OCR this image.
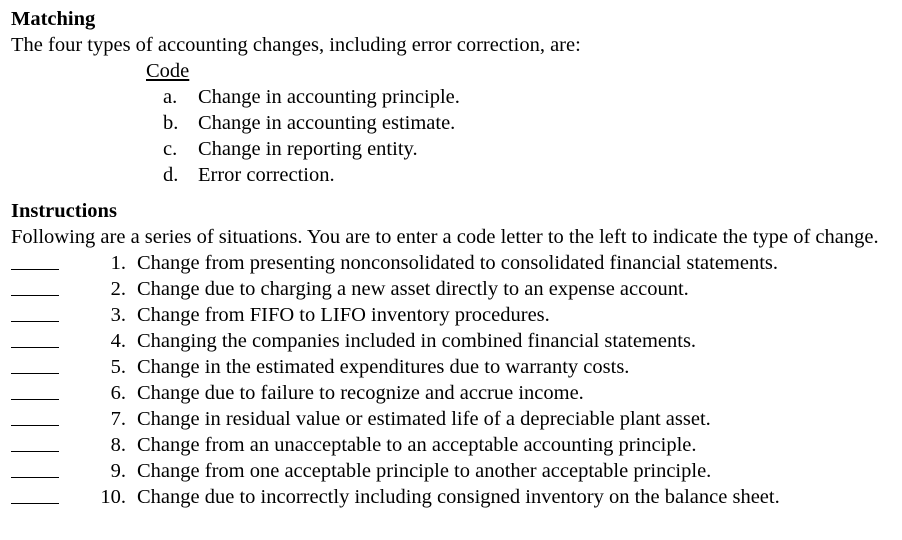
Matching
The four types of accounting changes, including error correction, are:
Code
a.	Change in accounting principle.
b. Change in accounting estimate.
c.	Change in reporting entity.
d. Error correction.
Instructions
Following are a series of situations. You are to enter a code letter to the left to indicate the type of change.
1. Change from presenting nonconsolidated to consolidated financial statements.
2. Change due to charging a new asset directly to an expense account.
3. Change from FIFO to LIFO inventory procedures.
4. Changing the companies included in combined financial statements.
5. Change in the estimated expenditures due to warranty costs.
6. Change due to failure to recognize and accrue income.
7. Change in residual value or estimated life of a depreciable plant asset.
8. Change from an unacceptable to an acceptable accounting principle.
9. Change from one acceptable principle to another acceptable principle.
10. Change due to incorrectly including consigned inventory on the balance sheet.
